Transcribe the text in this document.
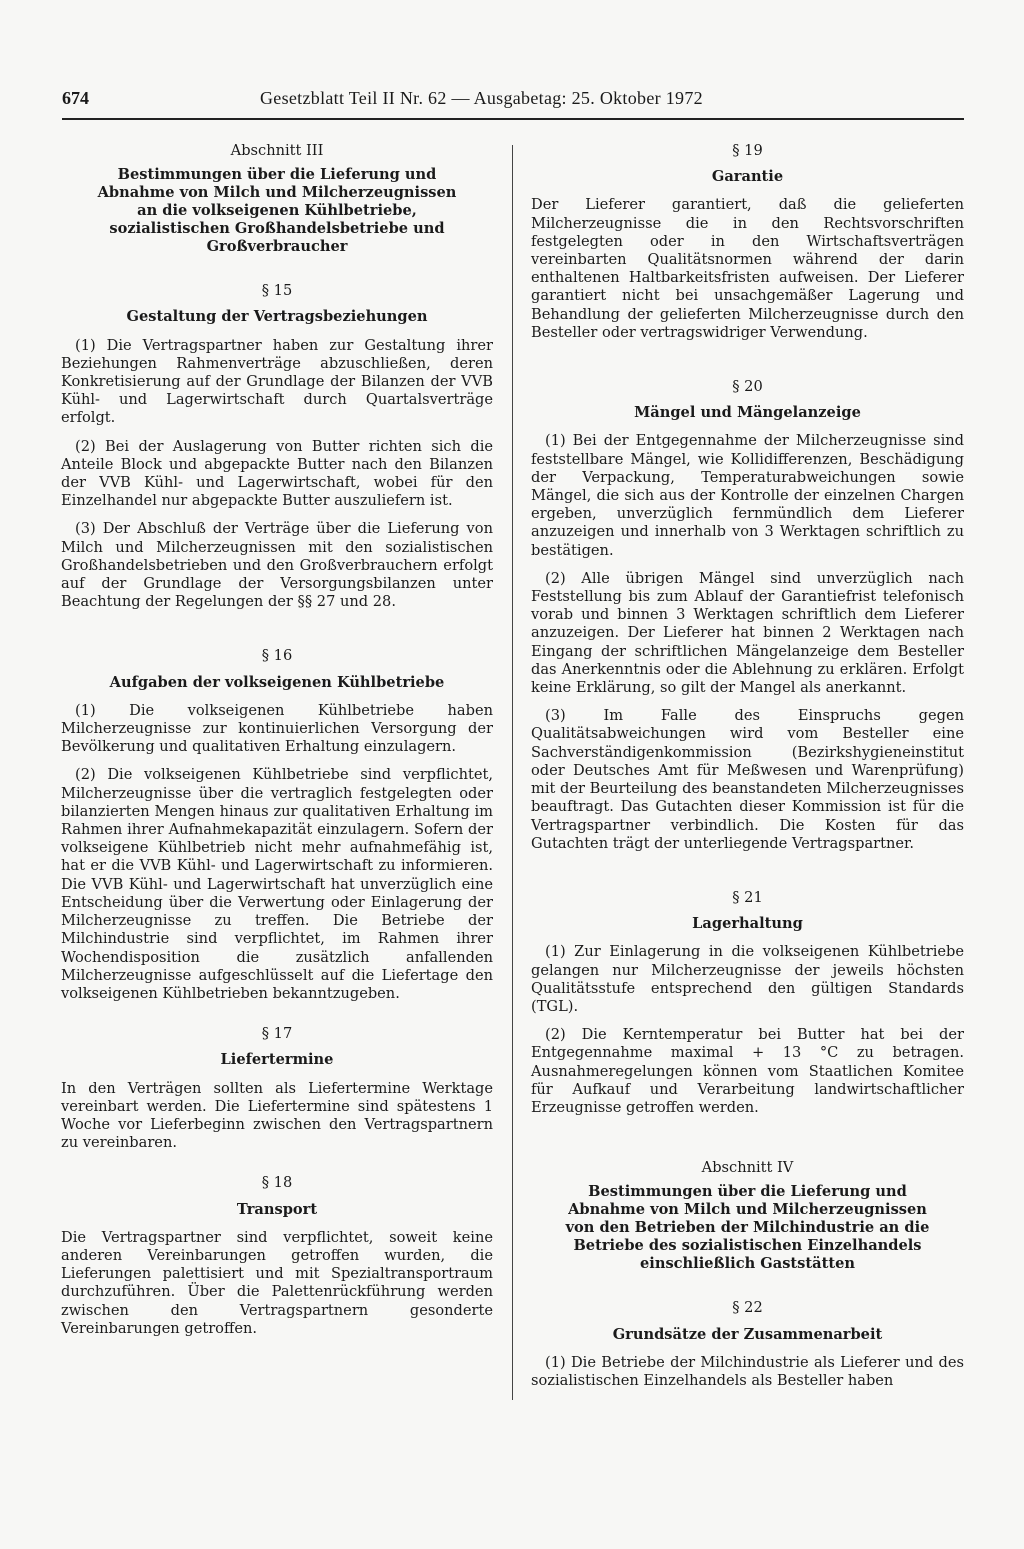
674	Gesetzblatt Teil II Nr. 62 — Ausgabetag: 25. Oktober 1972
Abschnitt III
Bestimmungen über die Lieferung und Abnahme von Milch und Milcherzeugnissen an die volkseigenen Kühlbetriebe, sozialistischen Großhandelsbetriebe und Großverbraucher
§ 15
Gestaltung der Vertragsbeziehungen

(1) Die Vertragspartner haben zur Gestaltung ihrer Beziehungen Rahmenverträge abzuschließen, deren Konkretisierung auf der Grundlage der Bilanzen der VVB Kühl- und Lagerwirtschaft durch Quartalsverträge erfolgt.

(2) Bei der Auslagerung von Butter richten sich die Anteile Block und abgepackte Butter nach den Bilanzen der VVB Kühl- und Lagerwirtschaft, wobei für den Einzelhandel nur abgepackte Butter auszuliefern ist.

(3) Der Abschluß der Verträge über die Lieferung von Milch und Milcherzeugnissen mit den sozialistischen Großhandelsbetrieben und den Großverbrauchern erfolgt auf der Grundlage der Versorgungsbilanzen unter Beachtung der Regelungen der §§ 27 und 28.

§ 16
Aufgaben der volkseigenen Kühlbetriebe

(1) Die volkseigenen Kühlbetriebe haben Milcherzeugnisse zur kontinuierlichen Versorgung der Bevölkerung und qualitativen Erhaltung einzulagern.

(2) Die volkseigenen Kühlbetriebe sind verpflichtet, Milcherzeugnisse über die vertraglich festgelegten oder bilanzierten Mengen hinaus zur qualitativen Erhaltung im Rahmen ihrer Aufnahmekapazität einzulagern. Sofern der volkseigene Kühlbetrieb nicht mehr aufnahmefähig ist, hat er die VVB Kühl- und Lagerwirtschaft zu informieren. Die VVB Kühl- und Lagerwirtschaft hat unverzüglich eine Entscheidung über die Verwertung oder Einlagerung der Milcherzeugnisse zu treffen. Die Betriebe der Milchindustrie sind verpflichtet, im Rahmen ihrer Wochendisposition die zusätzlich anfallenden Milcherzeugnisse aufgeschlüsselt auf die Liefertage den volkseigenen Kühlbetrieben bekanntzugeben.

§ 17
Liefertermine

In den Verträgen sollten als Liefertermine Werktage vereinbart werden. Die Liefertermine sind spätestens 1 Woche vor Lieferbeginn zwischen den Vertragspartnern zu vereinbaren.

§ 18
Transport

Die Vertragspartner sind verpflichtet, soweit keine anderen Vereinbarungen getroffen wurden, die Lieferungen palettisiert und mit Spezialtransportraum durchzuführen. Über die Palettenrückführung werden zwischen den Vertragspartnern gesonderte Vereinbarungen getroffen.

§ 19
Garantie

Der Lieferer garantiert, daß die gelieferten Milcherzeugnisse die in den Rechtsvorschriften festgelegten oder in den Wirtschaftsverträgen vereinbarten Qualitätsnormen während der darin enthaltenen Haltbarkeitsfristen aufweisen. Der Lieferer garantiert nicht bei unsachgemäßer Lagerung und Behandlung der gelieferten Milcherzeugnisse durch den Besteller oder vertragswidriger Verwendung.

§ 20
Mängel und Mängelanzeige

(1) Bei der Entgegennahme der Milcherzeugnisse sind feststellbare Mängel, wie Kollidifferenzen, Beschädigung der Verpackung, Temperaturabweichungen sowie Mängel, die sich aus der Kontrolle der einzelnen Chargen ergeben, unverzüglich fernmündlich dem Lieferer anzuzeigen und innerhalb von 3 Werktagen schriftlich zu bestätigen.

(2) Alle übrigen Mängel sind unverzüglich nach Feststellung bis zum Ablauf der Garantiefrist telefonisch vorab und binnen 3 Werktagen schriftlich dem Lieferer anzuzeigen. Der Lieferer hat binnen 2 Werktagen nach Eingang der schriftlichen Mängelanzeige dem Besteller das Anerkenntnis oder die Ablehnung zu erklären. Erfolgt keine Erklärung, so gilt der Mangel als anerkannt.

(3) Im Falle des Einspruchs gegen Qualitätsabweichungen wird vom Besteller eine Sachverständigenkommission (Bezirkshygieneinstitut oder Deutsches Amt für Meßwesen und Warenprüfung) mit der Beurteilung des beanstandeten Milcherzeugnisses beauftragt. Das Gutachten dieser Kommission ist für die Vertragspartner verbindlich. Die Kosten für das Gutachten trägt der unterliegende Vertragspartner.

§ 21
Lagerhaltung

(1) Zur Einlagerung in die volkseigenen Kühlbetriebe gelangen nur Milcherzeugnisse der jeweils höchsten Qualitätsstufe entsprechend den gültigen Standards (TGL).

(2) Die Kerntemperatur bei Butter hat bei der Entgegennahme maximal + 13 °C zu betragen. Ausnahmeregelungen können vom Staatlichen Komitee für Aufkauf und Verarbeitung landwirtschaftlicher Erzeugnisse getroffen werden.

Abschnitt IV
Bestimmungen über die Lieferung und Abnahme von Milch und Milcherzeugnissen von den Betrieben der Milchindustrie an die Betriebe des sozialistischen Einzelhandels einschließlich Gaststätten
§ 22
Grundsätze der Zusammenarbeit

(1) Die Betriebe der Milchindustrie als Lieferer und des sozialistischen Einzelhandels als Besteller haben
